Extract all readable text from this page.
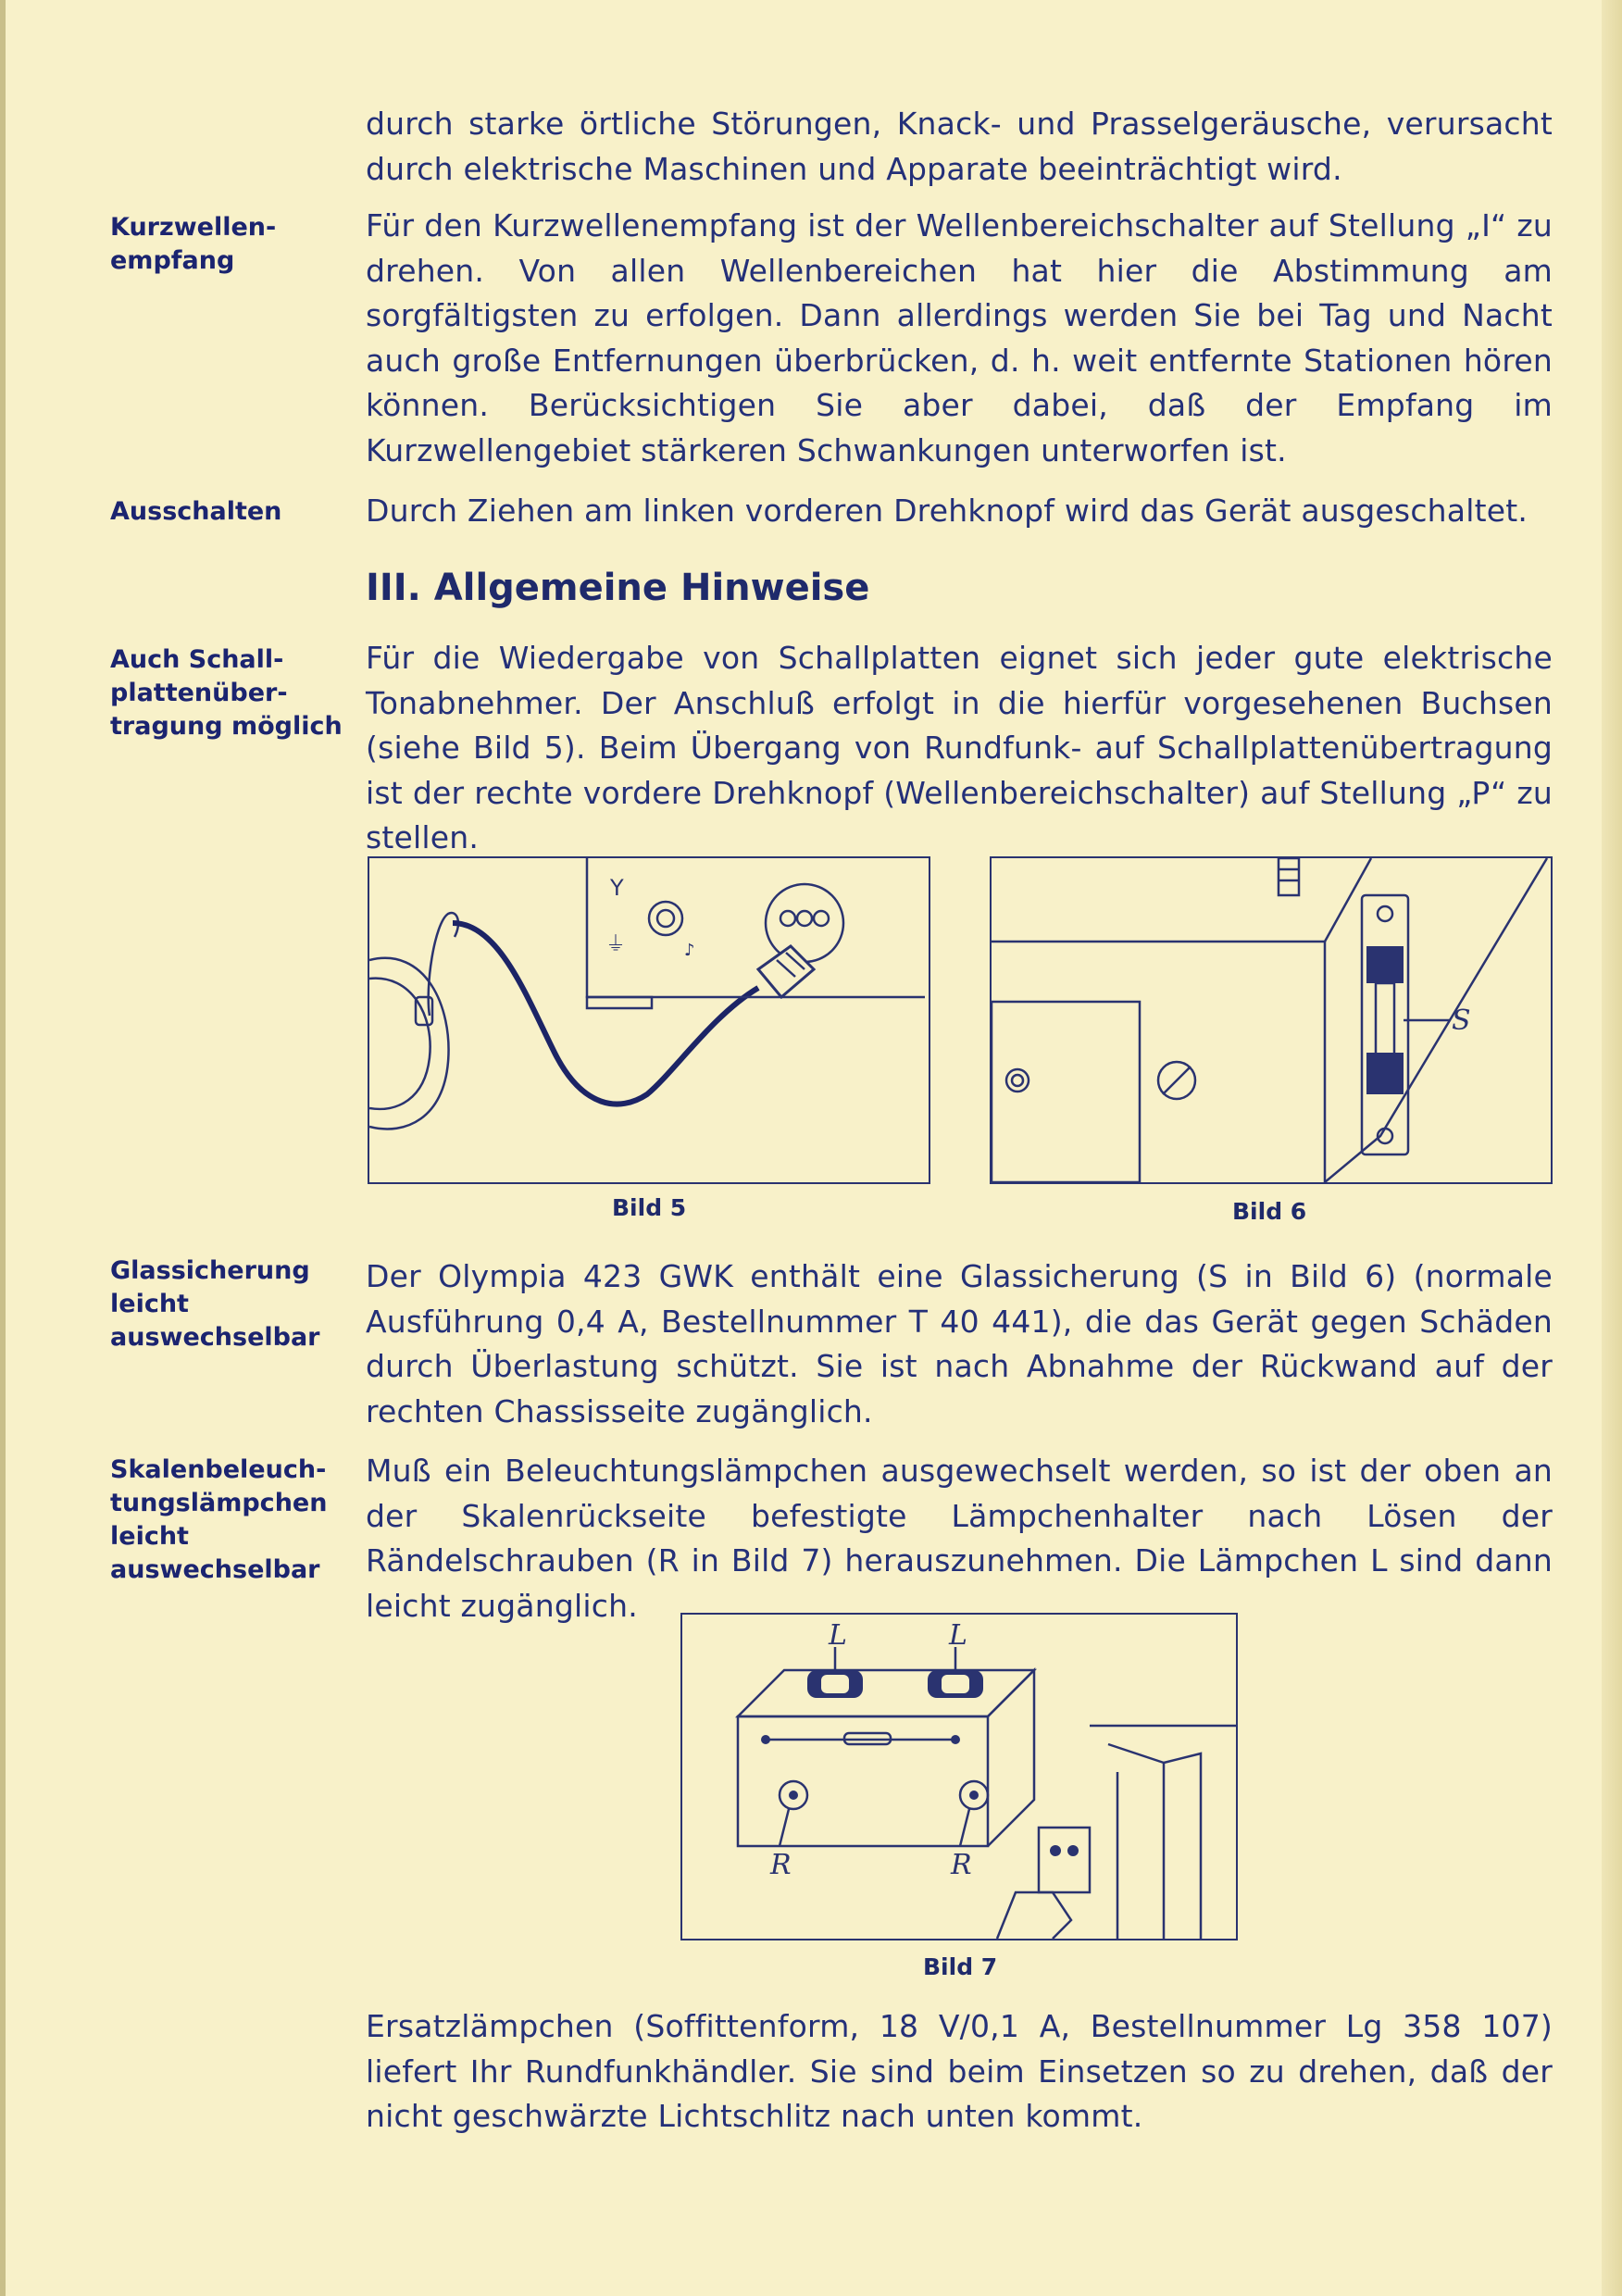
durch starke örtliche Störungen, Knack- und Prasselgeräusche, verursacht durch elektrische Maschinen und Apparate beeinträchtigt wird.
Kurzwellen-
empfang
Für den Kurzwellenempfang ist der Wellenbereichschalter auf Stellung „I“ zu drehen. Von allen Wellenbereichen hat hier die Abstimmung am sorgfältigsten zu erfolgen. Dann allerdings werden Sie bei Tag und Nacht auch große Entfernungen überbrücken, d. h. weit entfernte Stationen hören können. Berücksichtigen Sie aber dabei, daß der Empfang im Kurzwellengebiet stärkeren Schwankungen unterworfen ist.
Ausschalten	Durch Ziehen am linken vorderen Drehknopf wird das Gerät ausgeschaltet.
III. Allgemeine Hinweise
Auch Schall-
plattenüber-
tragung möglich
Für die Wiedergabe von Schallplatten eignet sich jeder gute elektrische Tonabnehmer. Der Anschluß erfolgt in die hierfür vorgesehenen Buchsen (siehe Bild 5). Beim Übergang von Rundfunk- auf Schallplattenübertragung ist der rechte vordere Drehknopf (Wellenbereichschalter) auf Stellung „P“ zu stellen.
Y
⏚	♪
Bild 5
S
Bild 6
Glassicherung
leicht
auswechselbar
Der Olympia 423 GWK enthält eine Glassicherung (S in Bild 6) (normale Ausführung 0,4 A, Bestellnummer T 40 441), die das Gerät gegen Schäden durch Überlastung schützt. Sie ist nach Abnahme der Rückwand auf der rechten Chassisseite zugänglich.
Skalenbeleuch-
tungslämpchen
leicht
auswechselbar
Muß ein Beleuchtungslämpchen ausgewechselt werden, so ist der oben an der Skalenrückseite befestigte Lämpchenhalter nach Lösen der Rändelschrauben (R in Bild 7) herauszunehmen. Die Lämpchen L sind dann leicht zugänglich.
L	L
R	R
Bild 7
Ersatzlämpchen (Soffittenform, 18 V/0,1 A, Bestellnummer Lg 358 107) liefert Ihr Rundfunkhändler. Sie sind beim Einsetzen so zu drehen, daß der nicht geschwärzte Lichtschlitz nach unten kommt.
